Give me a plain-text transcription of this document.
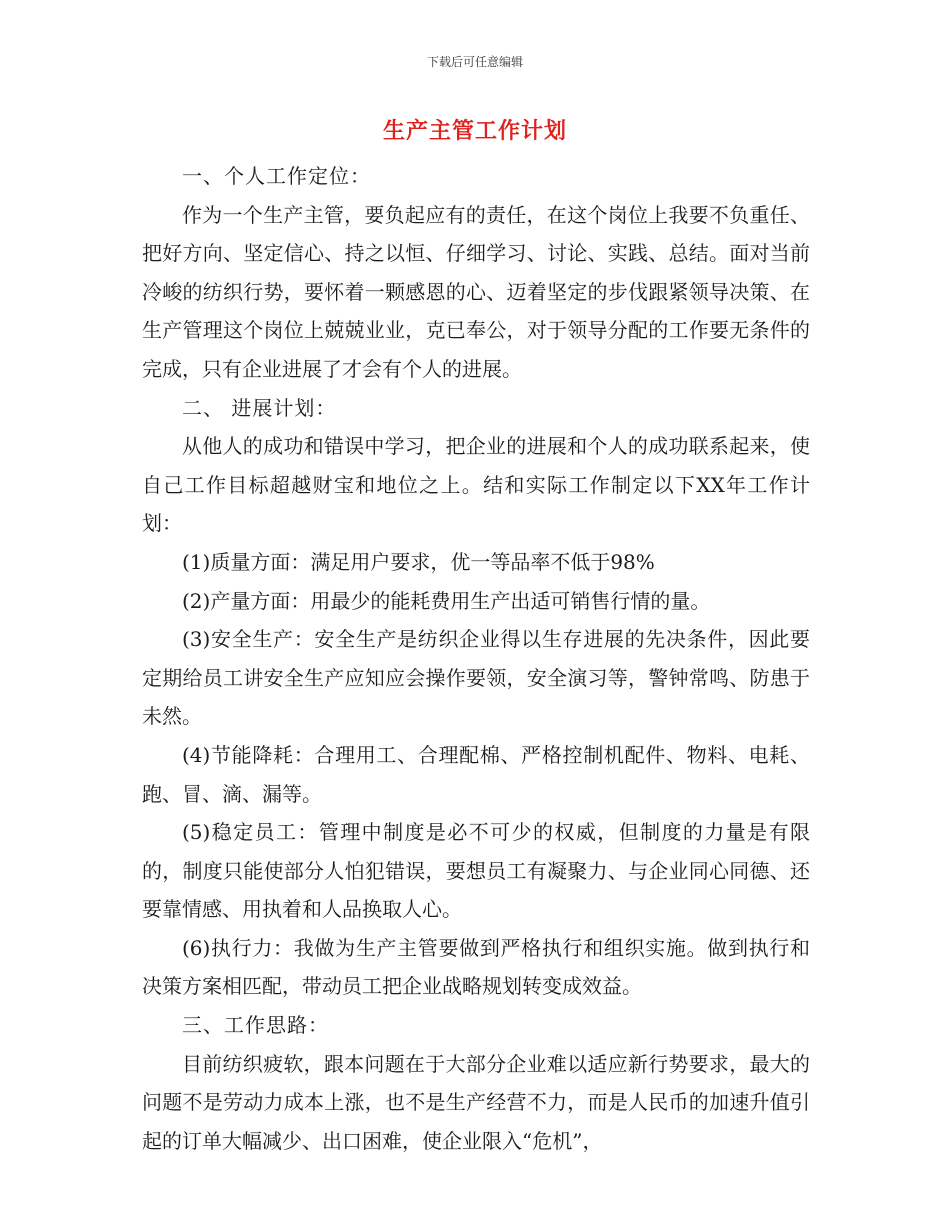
下载后可任意编辑
生产主管工作计划

一、个人工作定位：

作为一个生产主管，要负起应有的责任，在这个岗位上我要不负重任、把好方向、坚定信心、持之以恒、仔细学习、讨论、实践、总结。面对当前冷峻的纺织行势，要怀着一颗感恩的心、迈着坚定的步伐跟紧领导决策、在生产管理这个岗位上兢兢业业，克已奉公，对于领导分配的工作要无条件的完成，只有企业进展了才会有个人的进展。

二、 进展计划：

从他人的成功和错误中学习，把企业的进展和个人的成功联系起来，使自己工作目标超越财宝和地位之上。结和实际工作制定以下XX年工作计划：

(1)质量方面：满足用户要求，优一等品率不低于98%

(2)产量方面：用最少的能耗费用生产出适可销售行情的量。

(3)安全生产：安全生产是纺织企业得以生存进展的先决条件，因此要定期给员工讲安全生产应知应会操作要领，安全演习等，警钟常鸣、防患于未然。

(4)节能降耗：合理用工、合理配棉、严格控制机配件、物料、电耗、跑、冒、滴、漏等。

(5)稳定员工：管理中制度是必不可少的权威，但制度的力量是有限的，制度只能使部分人怕犯错误，要想员工有凝聚力、与企业同心同德、还要靠情感、用执着和人品换取人心。

(6)执行力：我做为生产主管要做到严格执行和组织实施。做到执行和决策方案相匹配，带动员工把企业战略规划转变成效益。

三、工作思路：

目前纺织疲软，跟本问题在于大部分企业难以适应新行势要求，最大的问题不是劳动力成本上涨，也不是生产经营不力，而是人民币的加速升值引起的订单大幅减少、出口困难，使企业限入“危机”，
